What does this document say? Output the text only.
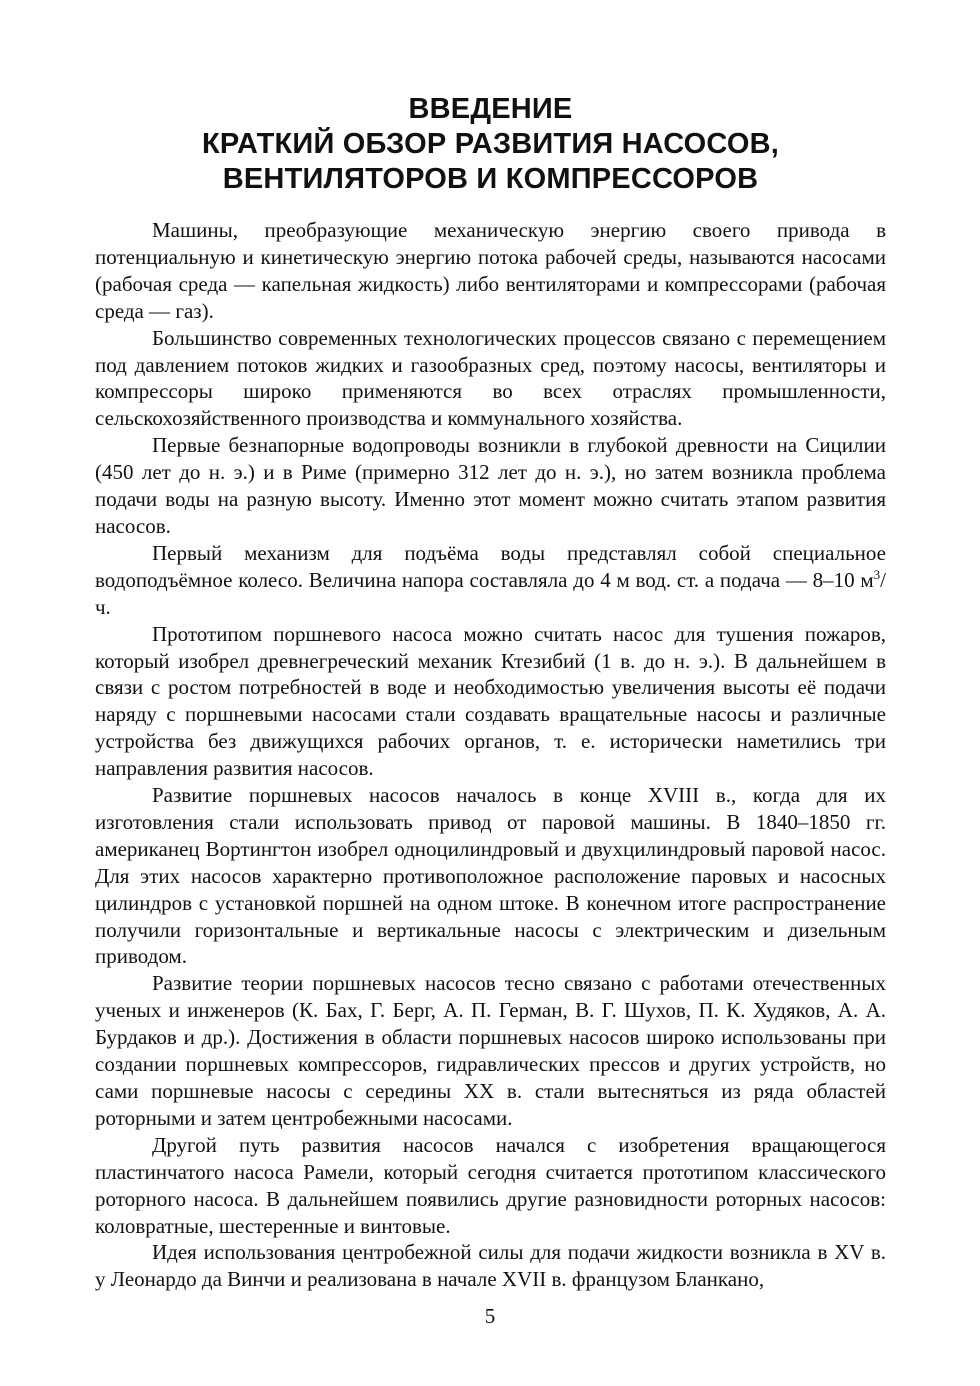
ВВЕДЕНИЕ
КРАТКИЙ ОБЗОР РАЗВИТИЯ НАСОСОВ,
ВЕНТИЛЯТОРОВ И КОМПРЕССОРОВ

Машины, преобразующие механическую энергию своего привода в потенциальную и кинетическую энергию потока рабочей среды, называются насосами (рабочая среда — капельная жидкость) либо вентиляторами и компрессорами (рабочая среда — газ).

Большинство современных технологических процессов связано с перемещением под давлением потоков жидких и газообразных сред, поэтому насосы, вентиляторы и компрессоры широко применяются во всех отраслях промышленности, сельскохозяйственного производства и коммунального хозяйства.

Первые безнапорные водопроводы возникли в глубокой древности на Сицилии (450 лет до н. э.) и в Риме (примерно 312 лет до н. э.), но затем возникла проблема подачи воды на разную высоту. Именно этот момент можно считать этапом развития насосов.

Первый механизм для подъёма воды представлял собой специальное водоподъёмное колесо. Величина напора составляла до 4 м вод. ст. а подача — 8–10 $м^3/ч$.

Прототипом поршневого насоса можно считать насос для тушения пожаров, который изобрел древнегреческий механик Ктезибий (1 в. до н. э.). В дальнейшем в связи с ростом потребностей в воде и необходимостью увеличения высоты её подачи наряду с поршневыми насосами стали создавать вращательные насосы и различные устройства без движущихся рабочих органов, т. е. исторически наметились три направления развития насосов.

Развитие поршневых насосов началось в конце XVIII в., когда для их изготовления стали использовать привод от паровой машины. В 1840–1850 гг. американец Вортингтон изобрел одноцилиндровый и двухцилиндровый паровой насос. Для этих насосов характерно противоположное расположение паровых и насосных цилиндров с установкой поршней на одном штоке. В конечном итоге распространение получили горизонтальные и вертикальные насосы с электрическим и дизельным приводом.

Развитие теории поршневых насосов тесно связано с работами отечественных ученых и инженеров (К. Бах, Г. Берг, А. П. Герман, В. Г. Шухов, П. К. Худяков, А. А. Бурдаков и др.). Достижения в области поршневых насосов широко использованы при создании поршневых компрессоров, гидравлических прессов и других устройств, но сами поршневые насосы с середины XX в. стали вытесняться из ряда областей роторными и затем центробежными насосами.

Другой путь развития насосов начался с изобретения вращающегося пластинчатого насоса Рамели, который сегодня считается прототипом классического роторного насоса. В дальнейшем появились другие разновидности роторных насосов: коловратные, шестеренные и винтовые.

Идея использования центробежной силы для подачи жидкости возникла в XV в. у Леонардо да Винчи и реализована в начале XVII в. французом Бланкано,

5
